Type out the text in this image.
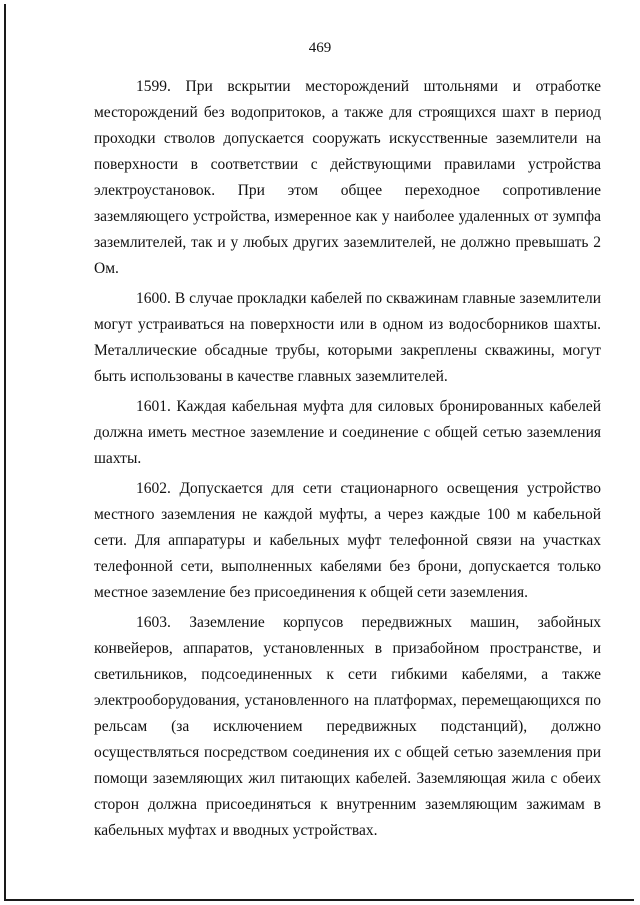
469

1599. При вскрытии месторождений штольнями и отработке месторождений без водопритоков, а также для строящихся шахт в период проходки стволов допускается сооружать искусственные заземлители на поверхности в соответствии с действующими правилами устройства электроустановок. При этом общее переходное сопротивление заземляющего устройства, измеренное как у наиболее удаленных от зумпфа заземлителей, так и у любых других заземлителей, не должно превышать 2 Ом.

1600. В случае прокладки кабелей по скважинам главные заземлители могут устраиваться на поверхности или в одном из водосборников шахты. Металлические обсадные трубы, которыми закреплены скважины, могут быть использованы в качестве главных заземлителей.

1601. Каждая кабельная муфта для силовых бронированных кабелей должна иметь местное заземление и соединение с общей сетью заземления шахты.

1602. Допускается для сети стационарного освещения устройство местного заземления не каждой муфты, а через каждые 100 м кабельной сети. Для аппаратуры и кабельных муфт телефонной связи на участках телефонной сети, выполненных кабелями без брони, допускается только местное заземление без присоединения к общей сети заземления.

1603. Заземление корпусов передвижных машин, забойных конвейеров, аппаратов, установленных в призабойном пространстве, и светильников, подсоединенных к сети гибкими кабелями, а также электрооборудования, установленного на платформах, перемещающихся по рельсам (за исключением передвижных подстанций), должно осуществляться посредством соединения их с общей сетью заземления при помощи заземляющих жил питающих кабелей. Заземляющая жила с обеих сторон должна присоединяться к внутренним заземляющим зажимам в кабельных муфтах и вводных устройствах.
